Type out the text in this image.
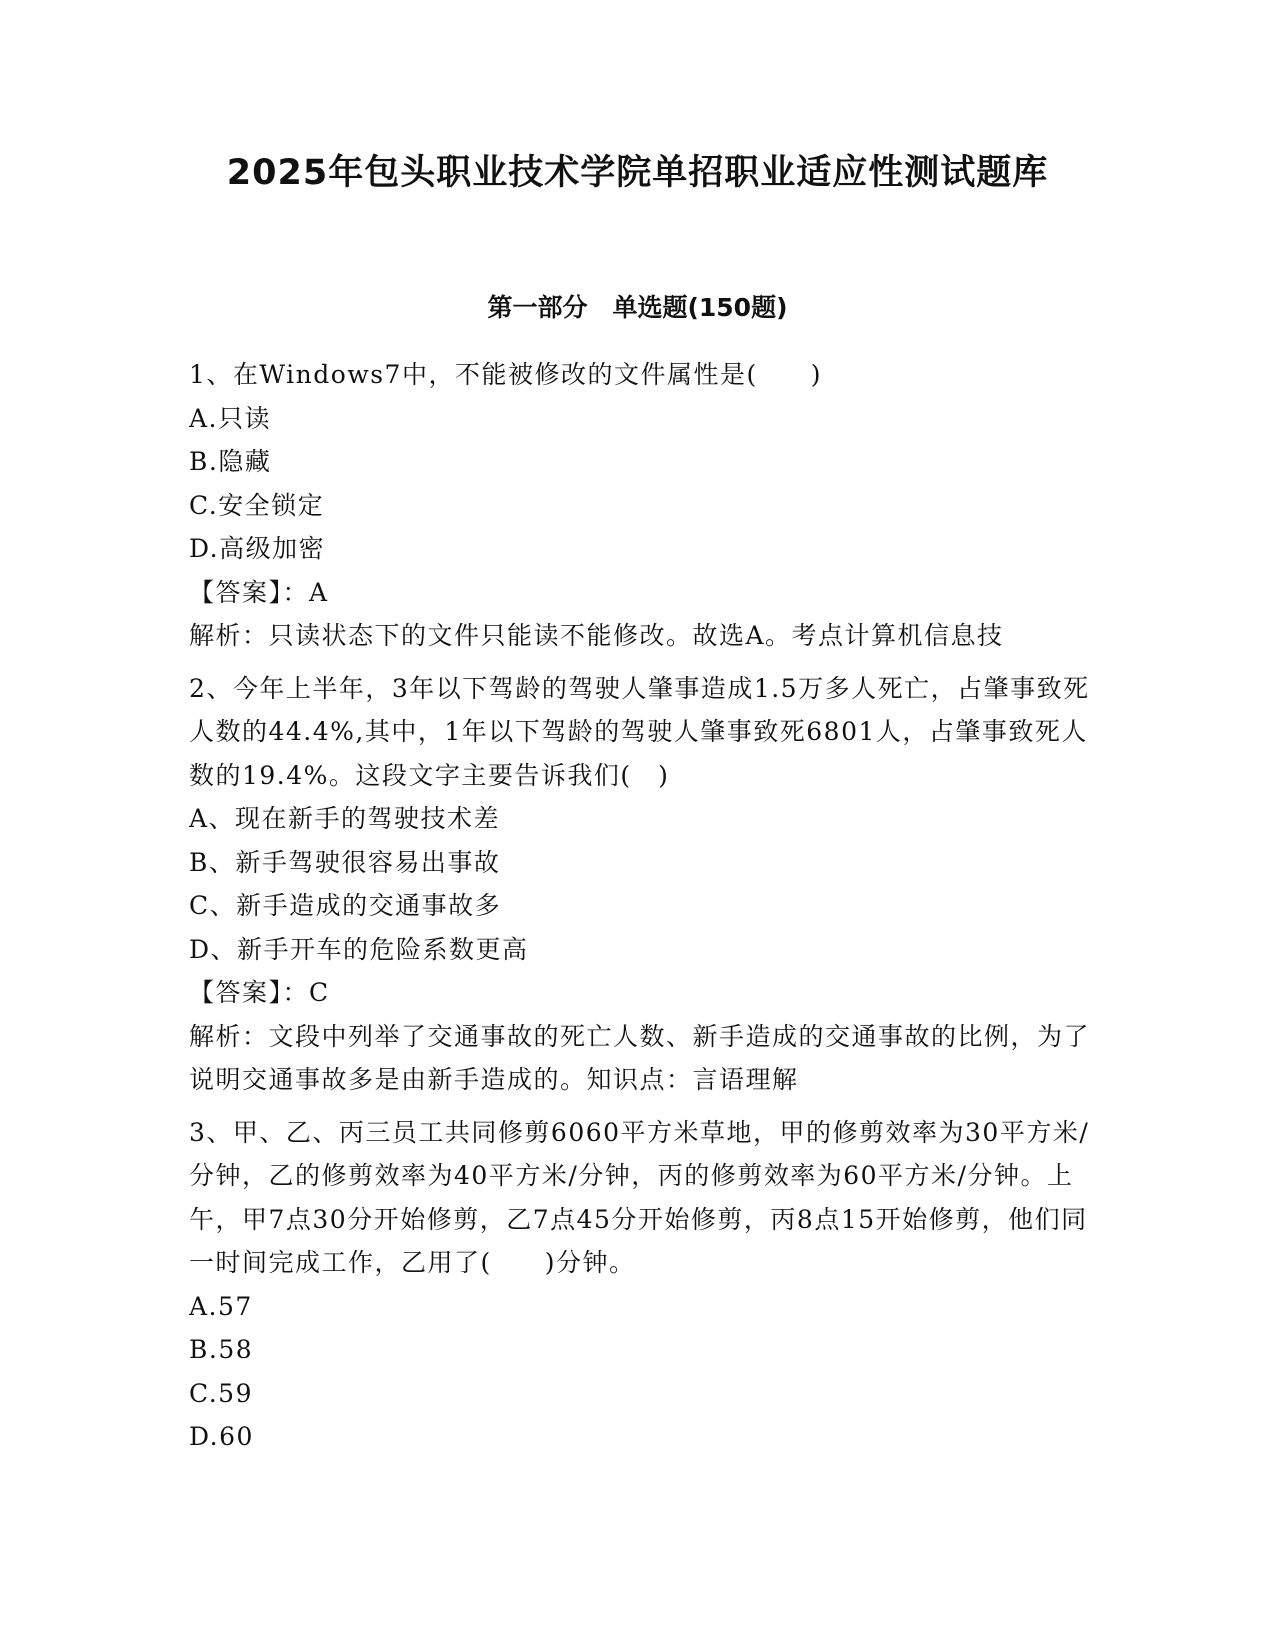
2025年包头职业技术学院单招职业适应性测试题库
第一部分　单选题(150题)
1、在Windows7中，不能被修改的文件属性是(　　)
A.只读
B.隐藏
C.安全锁定
D.高级加密
【答案】：A
解析：只读状态下的文件只能读不能修改。故选A。考点计算机信息技
2、今年上半年，3年以下驾龄的驾驶人肇事造成1.5万多人死亡，占肇事致死人数的44.4%,其中，1年以下驾龄的驾驶人肇事致死6801人，占肇事致死人数的19.4%。这段文字主要告诉我们(　)
A、现在新手的驾驶技术差
B、新手驾驶很容易出事故
C、新手造成的交通事故多
D、新手开车的危险系数更高
【答案】：C
解析：文段中列举了交通事故的死亡人数、新手造成的交通事故的比例，为了说明交通事故多是由新手造成的。知识点：言语理解
3、甲、乙、丙三员工共同修剪6060平方米草地，甲的修剪效率为30平方米/分钟，乙的修剪效率为40平方米/分钟，丙的修剪效率为60平方米/分钟。上午，甲7点30分开始修剪，乙7点45分开始修剪，丙8点15开始修剪，他们同一时间完成工作，乙用了(　　)分钟。
A.57
B.58
C.59
D.60
